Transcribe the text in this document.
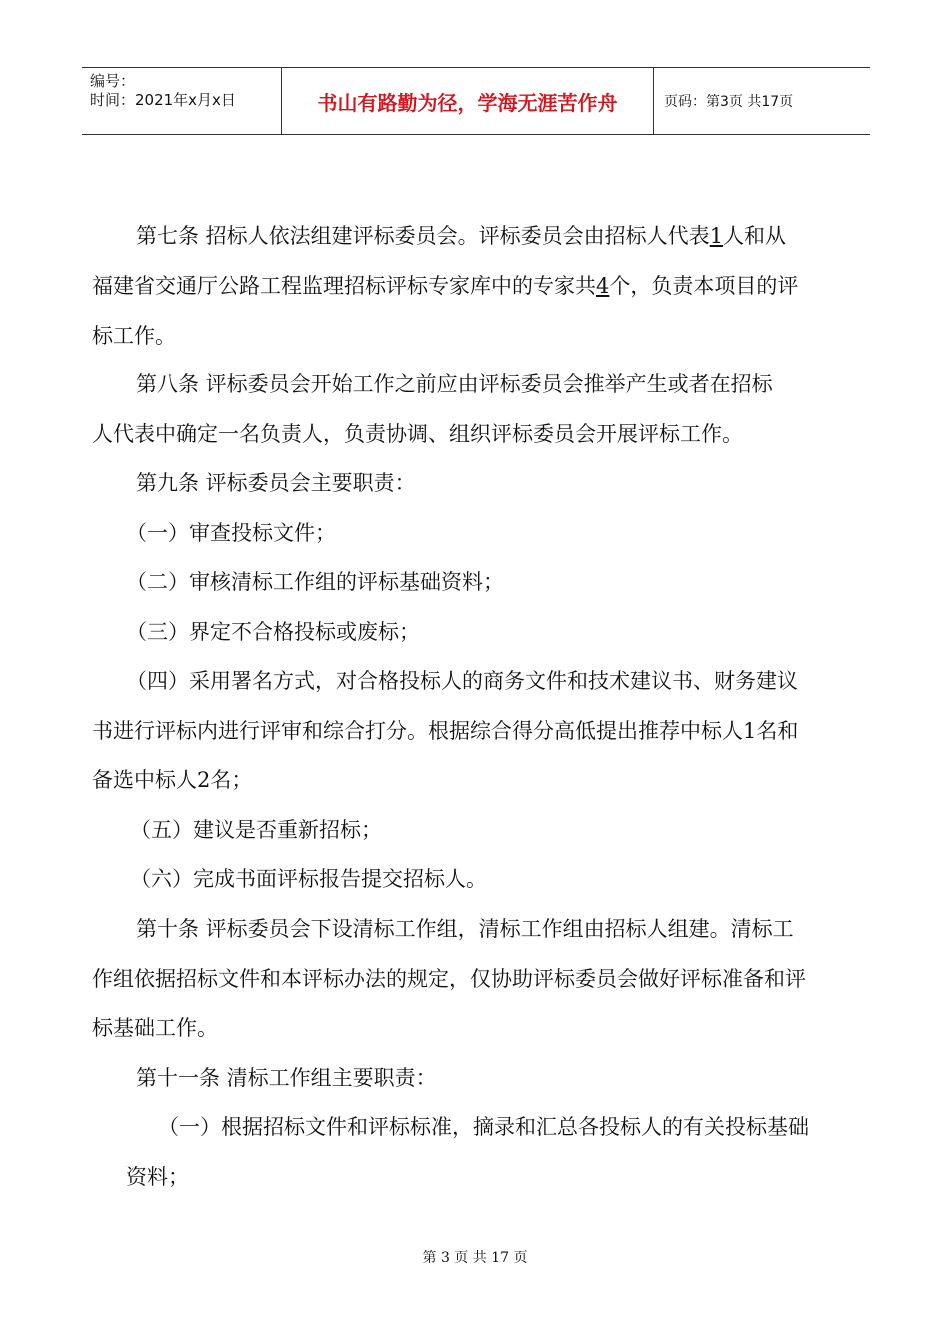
编号：
时间：2021年x月x日	书山有路勤为径，学海无涯苦作舟	页码：第3页 共17页
第七条 招标人依法组建评标委员会。评标委员会由招标人代表1人和从
福建省交通厅公路工程监理招标评标专家库中的专家共4个，负责本项目的评
标工作。
第八条 评标委员会开始工作之前应由评标委员会推举产生或者在招标
人代表中确定一名负责人，负责协调、组织评标委员会开展评标工作。
第九条 评标委员会主要职责：
（一）审查投标文件；
（二）审核清标工作组的评标基础资料；
（三）界定不合格投标或废标；
（四）采用署名方式，对合格投标人的商务文件和技术建议书、财务建议
书进行评标内进行评审和综合打分。根据综合得分高低提出推荐中标人1名和
备选中标人2名；
（五）建议是否重新招标；
（六）完成书面评标报告提交招标人。
第十条 评标委员会下设清标工作组，清标工作组由招标人组建。清标工
作组依据招标文件和本评标办法的规定，仅协助评标委员会做好评标准备和评
标基础工作。
第十一条 清标工作组主要职责：
（一）根据招标文件和评标标准，摘录和汇总各投标人的有关投标基础
资料；
第 3 页 共 17 页
